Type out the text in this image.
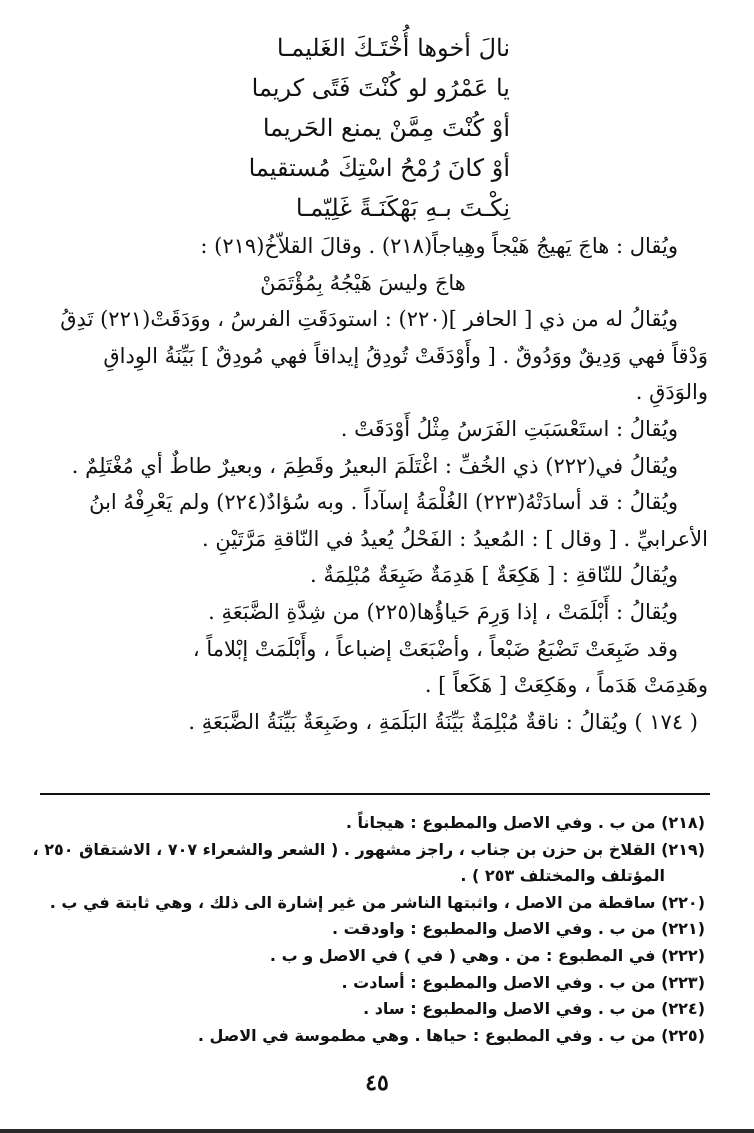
نالَ أخوها أُخْتَـكَ الغَليمـا
يا عَمْرُو لو كُنْتَ فَتًى كريما
أوْ كُنْتَ مِمَّنْ يمنع الحَريما
أوْ كانَ رُمْحُ اسْتِكَ مُستقيما
نِكْـتَ بـهِ بَهْكَنَـةً غَلِيّمـا
ويُقال : هاجَ يَهيجُ هَيْجاً وهِياجاً(٢١٨) . وقالَ القلاّخُ(٢١٩) :
هاجَ وليسَ هَيْجُهُ بِمُؤْتَمَنْ
ويُقالُ له من ذي [ الحافر ](٢٢٠) : استودَقَتِ الفرسُ ، ووَدَقَتْ(٢٢١) تَدِقُ
وَدْقاً فهي وَدِيقٌ ووَدُوقٌ . [ وأَوْدَقَتْ تُودِقُ إيداقاً فهي مُودِقٌ ] بَيِّنَةُ الوِداقِ
والوَدَقِ .
ويُقالُ : استَعْسَبَتِ الفَرَسُ مِثْلُ أَوْدَقَتْ .
ويُقالُ في(٢٢٢) ذي الخُفِّ : اغْتَلَمَ البعيرُ وقَطِمَ ، وبعيرٌ طاطٌ أي مُغْتَلِمٌ .
ويُقالُ : قد أسادَتْهُ(٢٢٣) الغُلْمَةُ إسآداً . وبه سُؤادٌ(٢٢٤) ولم يَعْرِفْهُ ابنُ
الأعرابيِّ . [ وقال ] : المُعيدُ : الفَحْلُ يُعيدُ في النّاقةِ مَرَّتَيْنِ .
ويُقالُ للنّاقةِ : [ هَكِعَةٌ ] هَدِمَةٌ ضَبِعَةٌ مُبْلِمَةٌ .
ويُقالُ : أَبْلَمَتْ ، إذا وَرِمَ حَياؤُها(٢٢٥) من شِدَّةِ الضَّبَعَةِ .
وقد ضَبِعَتْ تَضْبَعُ ضَبْعاً ، وأضْبَعَتْ إضباعاً ، وأَبْلَمَتْ إبْلاماً ،
وهَدِمَتْ هَدَماً ، وهَكِعَتْ [ هَكَعاً ] .
( ١٧٤ ) ويُقالُ : ناقةٌ مُبْلِمَةٌ بَيِّنَةُ البَلَمَةِ ، وضَبِعَةٌ بَيِّنَةُ الضَّبَعَةِ .
(٢١٨) من ب . وفي الاصل والمطبوع : هيجاناً .
(٢١٩) القلاخ بن حزن بن جناب ، راجز مشهور . ( الشعر والشعراء ٧٠٧ ، الاشتقاق ٢٥٠ ،
المؤتلف والمختلف ٢٥٣ ) .
(٢٢٠) ساقطة من الاصل ، واثبتها الناشر من غير إشارة الى ذلك ، وهي ثابتة في ب .
(٢٢١) من ب . وفي الاصل والمطبوع : واودقت .
(٢٢٢) في المطبوع : من . وهي ( في ) في الاصل و ب .
(٢٢٣) من ب . وفي الاصل والمطبوع : أسادت .
(٢٢٤) من ب . وفي الاصل والمطبوع : ساد .
(٢٢٥) من ب . وفي المطبوع : حياها . وهي مطموسة في الاصل .
٤٥
